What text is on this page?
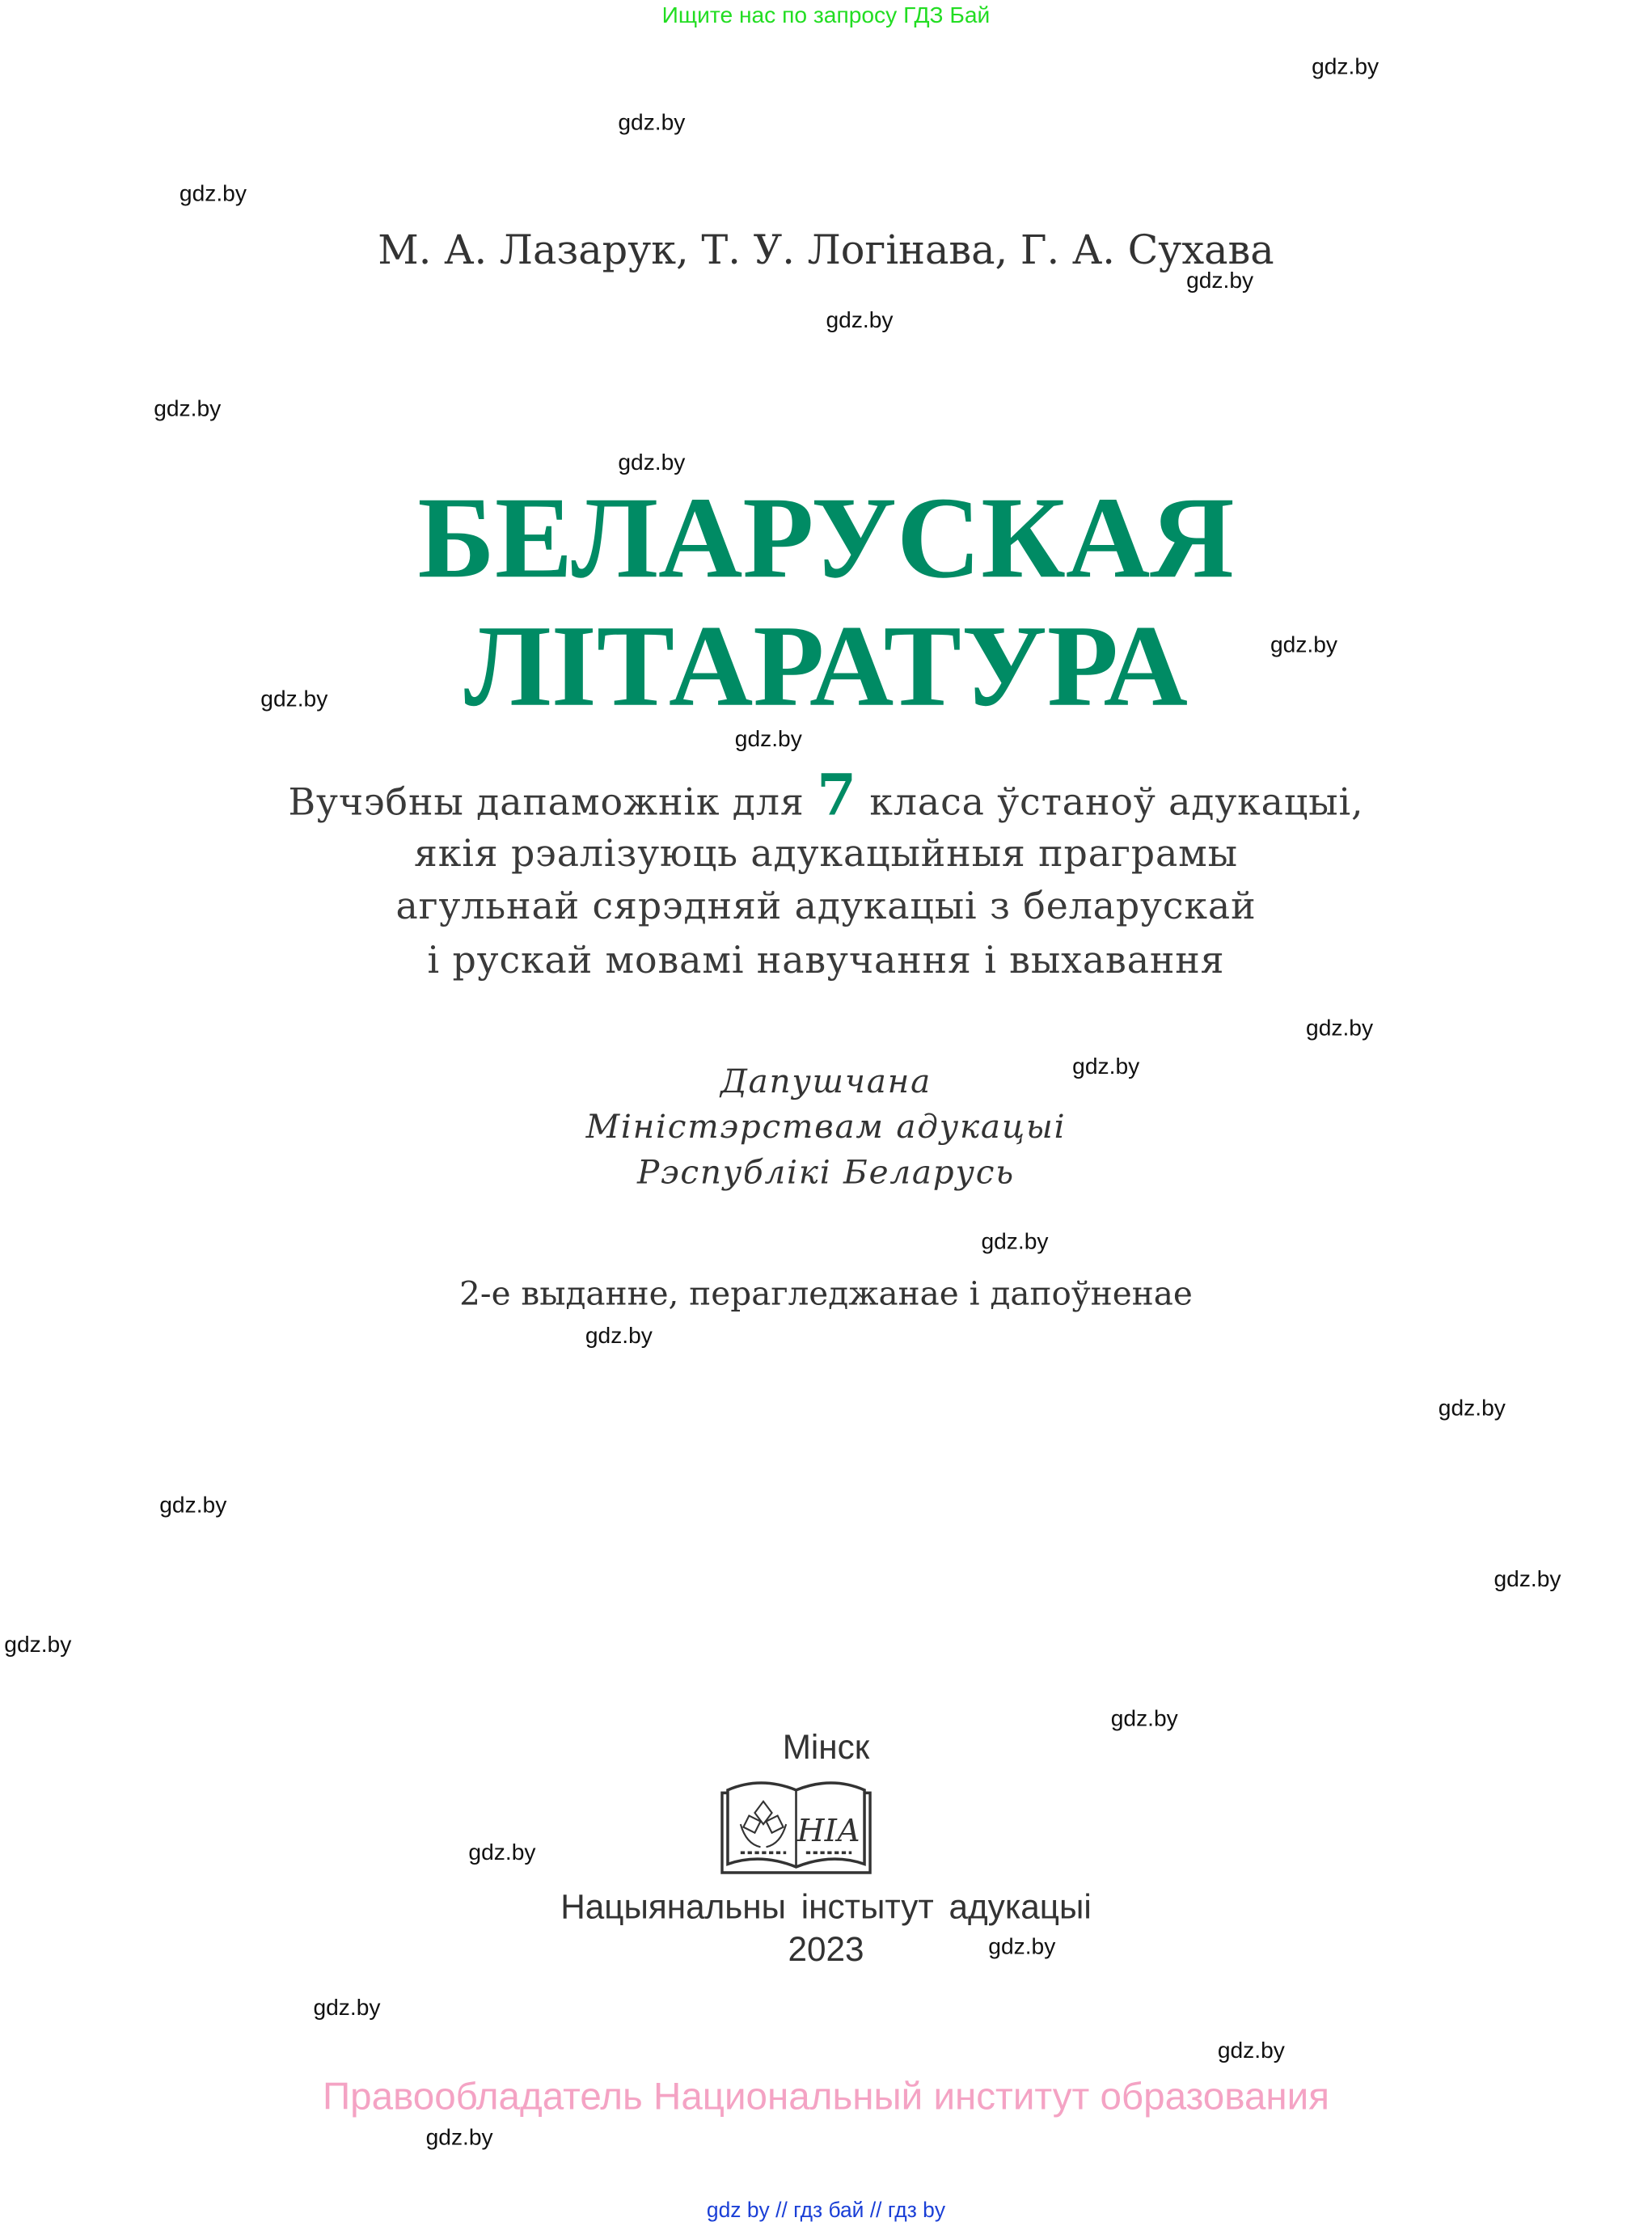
Ищите нас по запросу ГДЗ Бай
gdz.by
gdz.by
gdz.by
gdz.by
gdz.by
gdz.by
gdz.by
gdz.by
gdz.by
gdz.by
gdz.by
gdz.by
gdz.by
gdz.by
gdz.by
gdz.by
gdz.by
gdz.by
gdz.by
gdz.by
gdz.by
gdz.by
gdz.by
gdz.by
М. А. Лазарук, Т. У. Логінава, Г. А. Сухава
БЕЛАРУСКАЯ
ЛІТАРАТУРА
Вучэбны дапаможнік для 7 класа ўстаноў адукацыі,
якія рэалізуюць адукацыйныя праграмы
агульнай сярэдняй адукацыі з беларускай
і рускай мовамі навучання і выхавання
Дапушчана
Міністэрствам адукацыі
Рэспублікі Беларусь
2-е выданне, перагледжанае і дапоўненае
Мінск
НІА
Нацыянальны інстытут адукацыі
2023
Правообладатель Национальный институт образования
gdz by // гдз бай // гдз by
